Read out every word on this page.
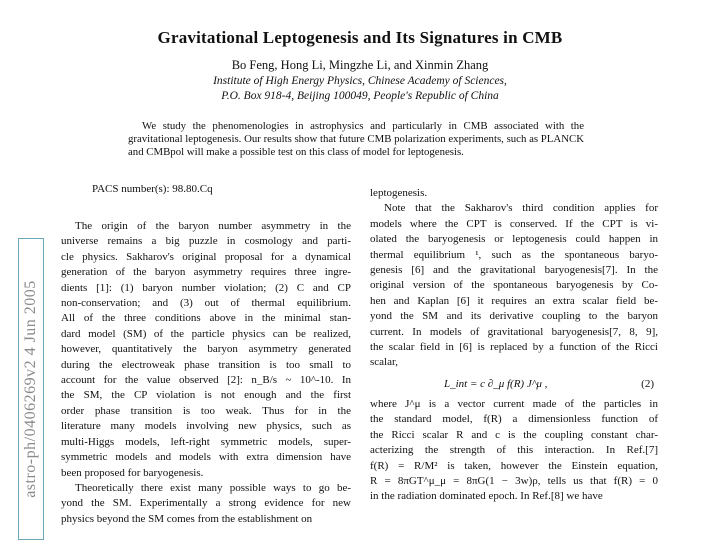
astro-ph/0406269v2 4 Jun 2005
Gravitational Leptogenesis and Its Signatures in CMB
Bo Feng, Hong Li, Mingzhe Li, and Xinmin Zhang
Institute of High Energy Physics, Chinese Academy of Sciences,
P.O. Box 918-4, Beijing 100049, People's Republic of China
We study the phenomenologies in astrophysics and particularly in CMB associated with the gravitational leptogenesis. Our results show that future CMB polarization experiments, such as PLANCK and CMBpol will make a possible test on this class of model for leptogenesis.
PACS number(s): 98.80.Cq
The origin of the baryon number asymmetry in the
universe remains a big puzzle in cosmology and parti-
cle physics. Sakharov's original proposal for a dynamical
generation of the baryon asymmetry requires three ingre-
dients [1]: (1) baryon number violation; (2) C and CP
non-conservation; and (3) out of thermal equilibrium.
All of the three conditions above in the minimal stan-
dard model (SM) of the particle physics can be realized,
however, quantitatively the baryon asymmetry generated
during the electroweak phase transition is too small to
account for the value observed [2]: n_B/s ~ 10^-10. In
the SM, the CP violation is not enough and the first
order phase transition is too weak. Thus for in the
literature many models involving new physics, such as
multi-Higgs models, left-right symmetric models, super-
symmetric models and models with extra dimension have
been proposed for baryogenesis.
Theoretically there exist many possible ways to go be-
yond the SM. Experimentally a strong evidence for new
physics beyond the SM comes from the establishment on
leptogenesis.
Note that the Sakharov's third condition applies for
models where the CPT is conserved. If the CPT is vi-
olated the baryogenesis or leptogenesis could happen in
thermal equilibrium ¹, such as the spontaneous baryo-
genesis [6] and the gravitational baryogenesis[7]. In the
original version of the spontaneous baryogenesis by Co-
hen and Kaplan [6] it requires an extra scalar field be-
yond the SM and its derivative coupling to the baryon
current. In models of gravitational baryogenesis[7, 8, 9],
the scalar field in [6] is replaced by a function of the Ricci
scalar,
L_int = c ∂_μ f(R) J^μ ,	(2)
where J^μ is a vector current made of the particles in
the standard model, f(R) a dimensionless function of
the Ricci scalar R and c is the coupling constant char-
acterizing the strength of this interaction. In Ref.[7]
f(R) = R/M² is taken, however the Einstein equation,
R = 8πGT^μ_μ = 8πG(1 − 3w)ρ, tells us that f(R) = 0
in the radiation dominated epoch. In Ref.[8] we have
